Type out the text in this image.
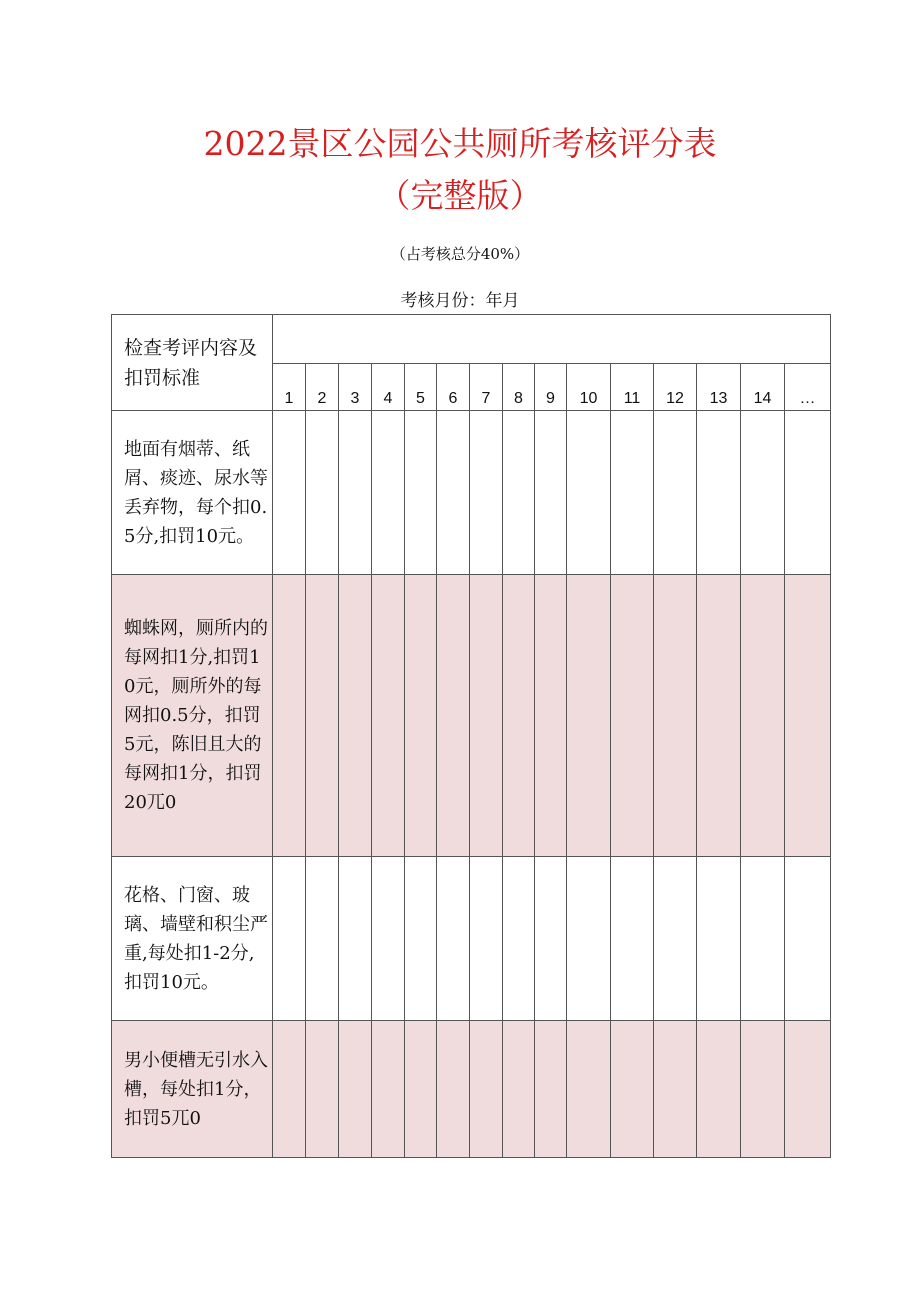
2022景区公园公共厕所考核评分表
（完整版）
（占考核总分40%）
考核月份：年月
检查考评内容及扣罚标准															
	1	2	3	4	5	6	7	8	9	10	11	12	13	14	…
地面有烟蒂、纸屑、痰迹、尿水等丢弃物，每个扣0.5分,扣罚10元。															
蜘蛛网，厕所内的每网扣1分,扣罚10元，厕所外的每网扣0.5分，扣罚5元，陈旧且大的每网扣1分，扣罚20兀0															
花格、门窗、玻璃、墙壁和积尘严重,每处扣1-2分,扣罚10元。															
男小便槽无引水入槽，每处扣1分，扣罚5兀0															
